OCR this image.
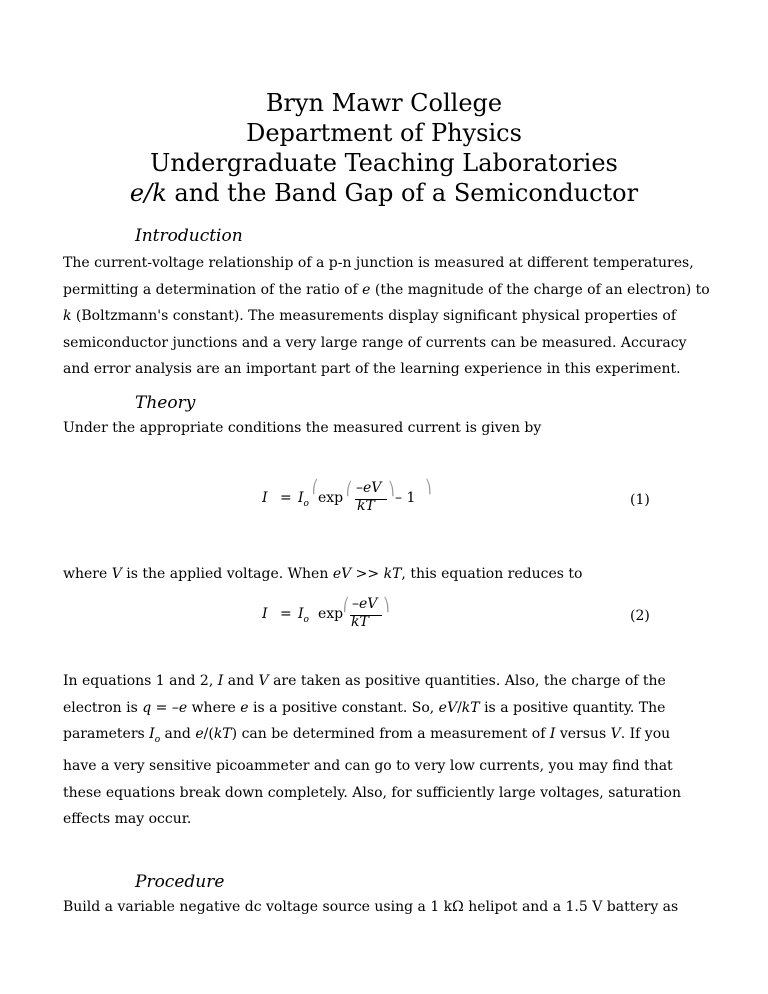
Bryn Mawr College
Department of Physics
Undergraduate Teaching Laboratories
e/k and the Band Gap of a Semiconductor
Introduction
The current-voltage relationship of a p-n junction is measured at different temperatures,
permitting a determination of the ratio of e (the magnitude of the charge of an electron) to
k (Boltzmann's constant). The measurements display significant physical properties of
semiconductor junctions and a very large range of currents can be measured. Accuracy
and error analysis are an important part of the learning experience in this experiment.
Theory
Under the appropriate conditions the measured current is given by
$I = I_o$
⎛
exp
⎛ – eV
kT
⎞
– 1
⎞
(1)
where V is the applied voltage. When eV >> kT, this equation reduces to
$I = I_o$ exp
⎛ – eV
kT
⎞
(2)
In equations 1 and 2, I and V are taken as positive quantities. Also, the charge of the
electron is q = –e where e is a positive constant. So, eV/kT is a positive quantity. The
parameters $I_o$ and e/(kT) can be determined from a measurement of I versus V. If you
have a very sensitive picoammeter and can go to very low currents, you may find that
these equations break down completely. Also, for sufficiently large voltages, saturation
effects may occur.
Procedure
Build a variable negative dc voltage source using a 1 kΩ helipot and a 1.5 V battery as
